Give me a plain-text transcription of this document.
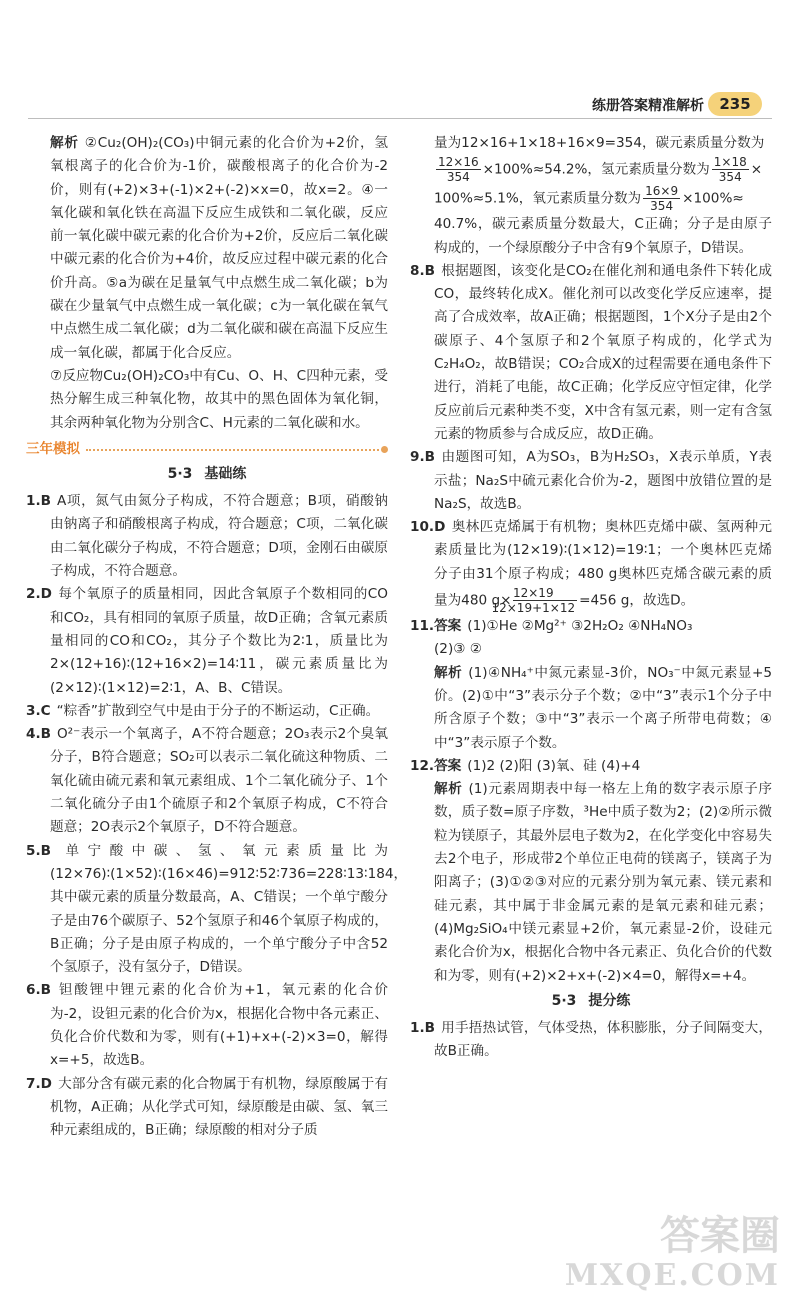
练册答案精准解析	235
解析 ②Cu₂(OH)₂(CO₃)中铜元素的化合价为+2价，氢氧根离子的化合价为-1价，碳酸根离子的化合价为-2价，则有(+2)×3+(-1)×2+(-2)×x=0，故x=2。④一氧化碳和氧化铁在高温下反应生成铁和二氧化碳，反应前一氧化碳中碳元素的化合价为+2价，反应后二氧化碳中碳元素的化合价为+4价，故反应过程中碳元素的化合价升高。⑤a为碳在足量氧气中点燃生成二氧化碳；b为碳在少量氧气中点燃生成一氧化碳；c为一氧化碳在氧气中点燃生成二氧化碳；d为二氧化碳和碳在高温下反应生成一氧化碳，都属于化合反应。
⑦反应物Cu₂(OH)₂CO₃中有Cu、O、H、C四种元素，受热分解生成三种氧化物，故其中的黑色固体为氧化铜，其余两种氧化物为分别含C、H元素的二氧化碳和水。
三年模拟
5·3 基础练
1.B A项，氮气由氮分子构成，不符合题意；B项，硝酸钠由钠离子和硝酸根离子构成，符合题意；C项，二氧化碳由二氧化碳分子构成，不符合题意；D项，金刚石由碳原子构成，不符合题意。
2.D 每个氧原子的质量相同，因此含氧原子个数相同的CO和CO₂，具有相同的氧原子质量，故D正确；含氧元素质量相同的CO和CO₂，其分子个数比为2∶1，质量比为2×(12+16)∶(12+16×2)=14∶11，碳元素质量比为(2×12)∶(1×12)=2∶1，A、B、C错误。
3.C “粽香”扩散到空气中是由于分子的不断运动，C正确。
4.B O²⁻表示一个氧离子，A不符合题意；2O₃表示2个臭氧分子，B符合题意；SO₂可以表示二氧化硫这种物质、二氧化硫由硫元素和氧元素组成、1个二氧化硫分子、1个二氧化硫分子由1个硫原子和2个氧原子构成，C不符合题意；2O表示2个氧原子，D不符合题意。
5.B 单宁酸中碳、氢、氧元素质量比为(12×76)∶(1×52)∶(16×46)=912∶52∶736=228∶13∶184，其中碳元素的质量分数最高，A、C错误；一个单宁酸分子是由76个碳原子、52个氢原子和46个氧原子构成的，B正确；分子是由原子构成的，一个单宁酸分子中含52个氢原子，没有氢分子，D错误。
6.B 钽酸锂中锂元素的化合价为+1，氧元素的化合价为-2，设钽元素的化合价为x，根据化合物中各元素正、负化合价代数和为零，则有(+1)+x+(-2)×3=0，解得x=+5，故选B。
7.D 大部分含有碳元素的化合物属于有机物，绿原酸属于有机物，A正确；从化学式可知，绿原酸是由碳、氢、氧三种元素组成的，B正确；绿原酸的相对分子质
量为12×16+1×18+16×9=354，碳元素质量分数为

$\frac{12\times 16}{354} \times 100\%\approx 54.2\%$，氢元素质量分数为 $\frac{1\times 18}{354}$ ×
100%≈5.1%，氧元素质量分数为 $\frac{16\times 9}{354} \times 100\%\approx$
40.7%，碳元素质量分数最大，C正确；分子是由原子构成的，一个绿原酸分子中含有9个氧原子，D错误。
8.B 根据题图，该变化是CO₂在催化剂和通电条件下转化成CO，最终转化成X。催化剂可以改变化学反应速率，提高了合成效率，故A正确；根据题图，1个X分子是由2个碳原子、4个氢原子和2个氧原子构成的，化学式为C₂H₄O₂，故B错误；CO₂合成X的过程需要在通电条件下进行，消耗了电能，故C正确；化学反应守恒定律，化学反应前后元素种类不变，X中含有氢元素，则一定有含氢元素的物质参与合成反应，故D正确。
9.B 由题图可知，A为SO₃，B为H₂SO₃，X表示单质，Y表示盐；Na₂S中硫元素化合价为-2，题图中放错位置的是Na₂S，故选B。
10.D 奥林匹克烯属于有机物；奥林匹克烯中碳、氢两种元素质量比为(12×19)∶(1×12)=19∶1；一个奥林匹克烯分子由31个原子构成；480 g奥林匹克烯含碳元素的质量为480 $g\times \frac{12\times 19}{12\times 19+1\times 12} =456$ g，故选D。
11.答案 (1)①He ②Mg²⁺ ③2H₂O₂ ④NH₄NO₃
(2)③ ②
解析 (1)④NH₄⁺中氮元素显-3价，NO₃⁻中氮元素显+5价。(2)①中“3”表示分子个数；②中“3”表示1个分子中所含原子个数；③中“3”表示一个离子所带电荷数；④中“3”表示原子个数。
12.答案 (1)2 (2)阳 (3)氧、硅 (4)+4
解析 (1)元素周期表中每一格左上角的数字表示原子序数，质子数=原子序数，³He中质子数为2；(2)②所示微粒为镁原子，其最外层电子数为2，在化学变化中容易失去2个电子，形成带2个单位正电荷的镁离子，镁离子为阳离子；(3)①②③对应的元素分别为氧元素、镁元素和硅元素，其中属于非金属元素的是氧元素和硅元素；(4)Mg₂SiO₄中镁元素显+2价，氧元素显-2价，设硅元素化合价为x，根据化合物中各元素正、负化合价的代数和为零，则有(+2)×2+x+(-2)×4=0，解得x=+4。
5·3 提分练
1.B 用手捂热试管，气体受热，体积膨胀，分子间隔变大，故B正确。
答案圈
MXQE.COM
